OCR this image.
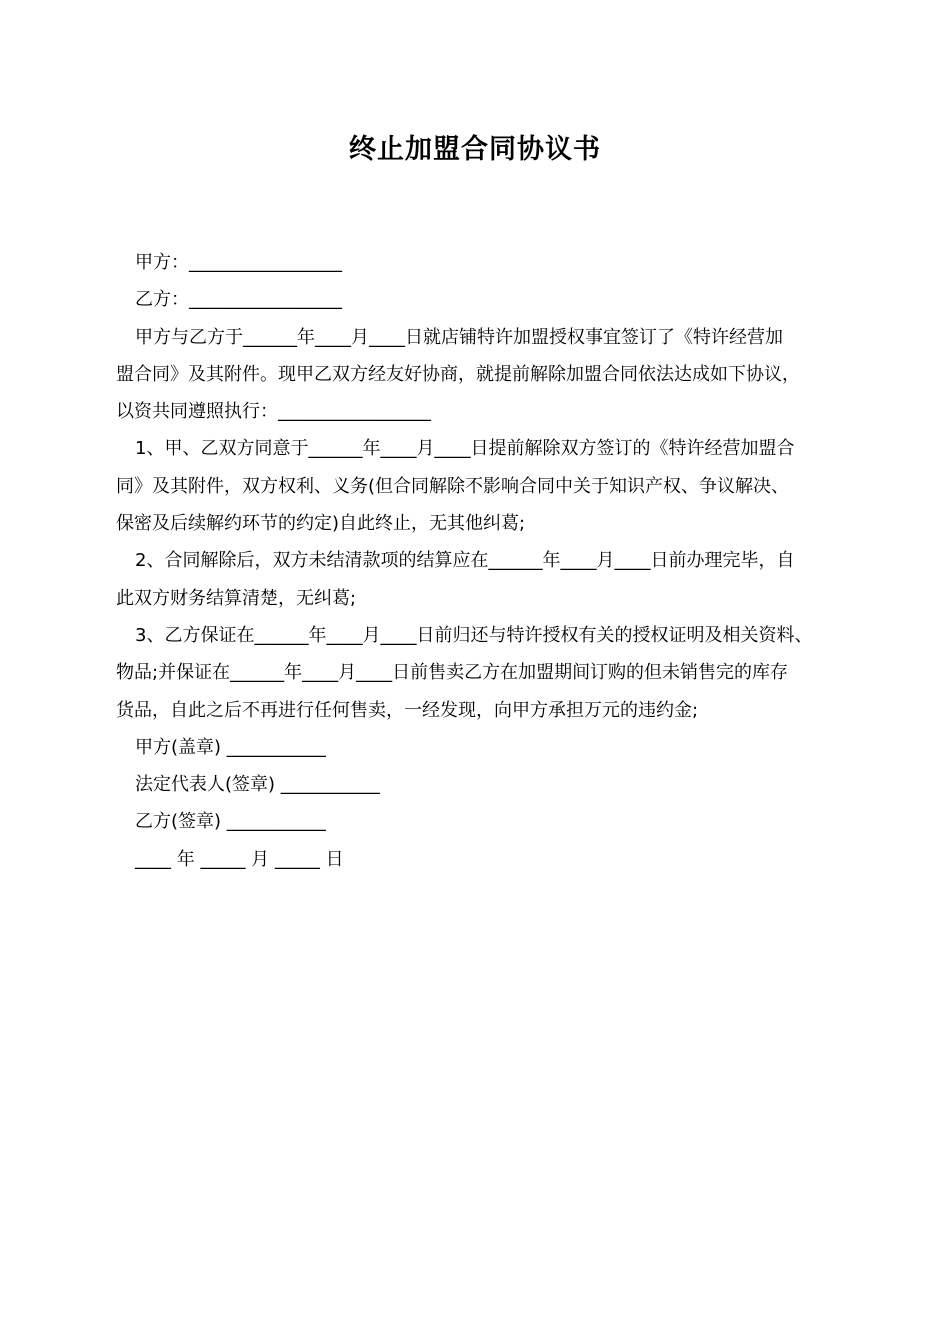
终止加盟合同协议书
甲方：_________________
乙方：_________________
甲方与乙方于______年____月____日就店铺特许加盟授权事宜签订了《特许经营加
盟合同》及其附件。现甲乙双方经友好协商，就提前解除加盟合同依法达成如下协议，
以资共同遵照执行：_________________
1、甲、乙双方同意于______年____月____日提前解除双方签订的《特许经营加盟合
同》及其附件，双方权利、义务(但合同解除不影响合同中关于知识产权、争议解决、
保密及后续解约环节的约定)自此终止，无其他纠葛;
2、合同解除后，双方未结清款项的结算应在______年____月____日前办理完毕，自
此双方财务结算清楚，无纠葛;
3、乙方保证在______年____月____日前归还与特许授权有关的授权证明及相关资料、
物品;并保证在______年____月____日前售卖乙方在加盟期间订购的但未销售完的库存
货品，自此之后不再进行任何售卖，一经发现，向甲方承担万元的违约金;
甲方(盖章) ___________
法定代表人(签章) ___________
乙方(签章) ___________
____ 年 _____ 月 _____ 日
